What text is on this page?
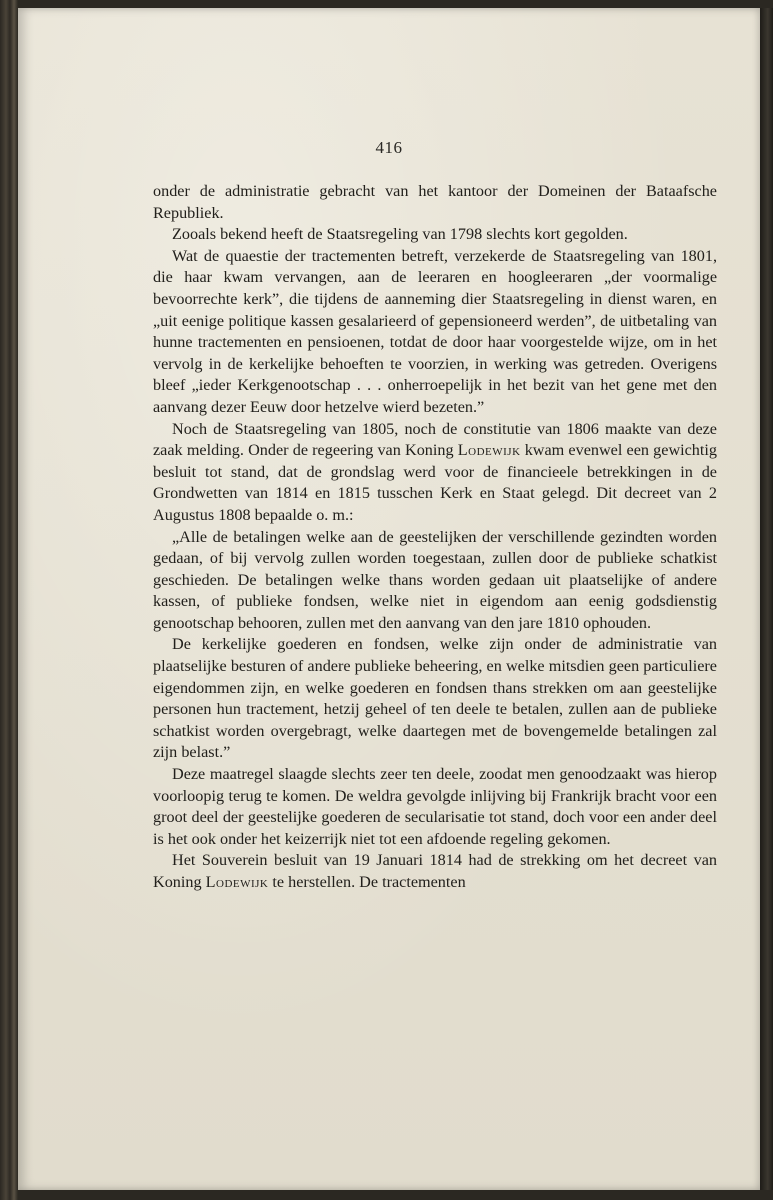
416

onder de administratie gebracht van het kantoor der Domeinen der Bataafsche Republiek.

Zooals bekend heeft de Staatsregeling van 1798 slechts kort gegolden.

Wat de quaestie der tractementen betreft, verzekerde de Staatsregeling van 1801, die haar kwam vervangen, aan de leeraren en hoogleeraren „der voormalige bevoorrechte kerk”, die tijdens de aanneming dier Staatsregeling in dienst waren, en „uit eenige politique kassen gesalarieerd of gepensioneerd werden”, de uitbetaling van hunne tractementen en pensioenen, totdat de door haar voorgestelde wijze, om in het vervolg in de kerkelijke behoeften te voorzien, in werking was getreden. Overigens bleef „ieder Kerkgenootschap . . . onherroepelijk in het bezit van het gene met den aanvang dezer Eeuw door hetzelve wierd bezeten.”

Noch de Staatsregeling van 1805, noch de constitutie van 1806 maakte van deze zaak melding. Onder de regeering van Koning Lodewijk kwam evenwel een gewichtig besluit tot stand, dat de grondslag werd voor de financieele betrekkingen in de Grondwetten van 1814 en 1815 tusschen Kerk en Staat gelegd. Dit decreet van 2 Augustus 1808 bepaalde o. m.:

„Alle de betalingen welke aan de geestelijken der verschillende gezindten worden gedaan, of bij vervolg zullen worden toegestaan, zullen door de publieke schatkist geschieden. De betalingen welke thans worden gedaan uit plaatselijke of andere kassen, of publieke fondsen, welke niet in eigendom aan eenig godsdienstig genootschap behooren, zullen met den aanvang van den jare 1810 ophouden.

De kerkelijke goederen en fondsen, welke zijn onder de administratie van plaatselijke besturen of andere publieke beheering, en welke mitsdien geen particuliere eigendommen zijn, en welke goederen en fondsen thans strekken om aan geestelijke personen hun tractement, hetzij geheel of ten deele te betalen, zullen aan de publieke schatkist worden overgebragt, welke daartegen met de bovengemelde betalingen zal zijn belast.”

Deze maatregel slaagde slechts zeer ten deele, zoodat men genoodzaakt was hierop voorloopig terug te komen. De weldra gevolgde inlijving bij Frankrijk bracht voor een groot deel der geestelijke goederen de secularisatie tot stand, doch voor een ander deel is het ook onder het keizerrijk niet tot een afdoende regeling gekomen.

Het Souverein besluit van 19 Januari 1814 had de strekking om het decreet van Koning Lodewijk te herstellen. De tractementen
